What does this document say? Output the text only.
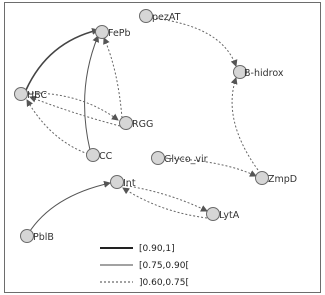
FePb
pezAT
HBC
RGG
CC
B-hidrox
Glyco_vir
ZmpD
Int
LytA
PblB
[0.90,1]
[0.75,0.90[
]0.60,0.75[
